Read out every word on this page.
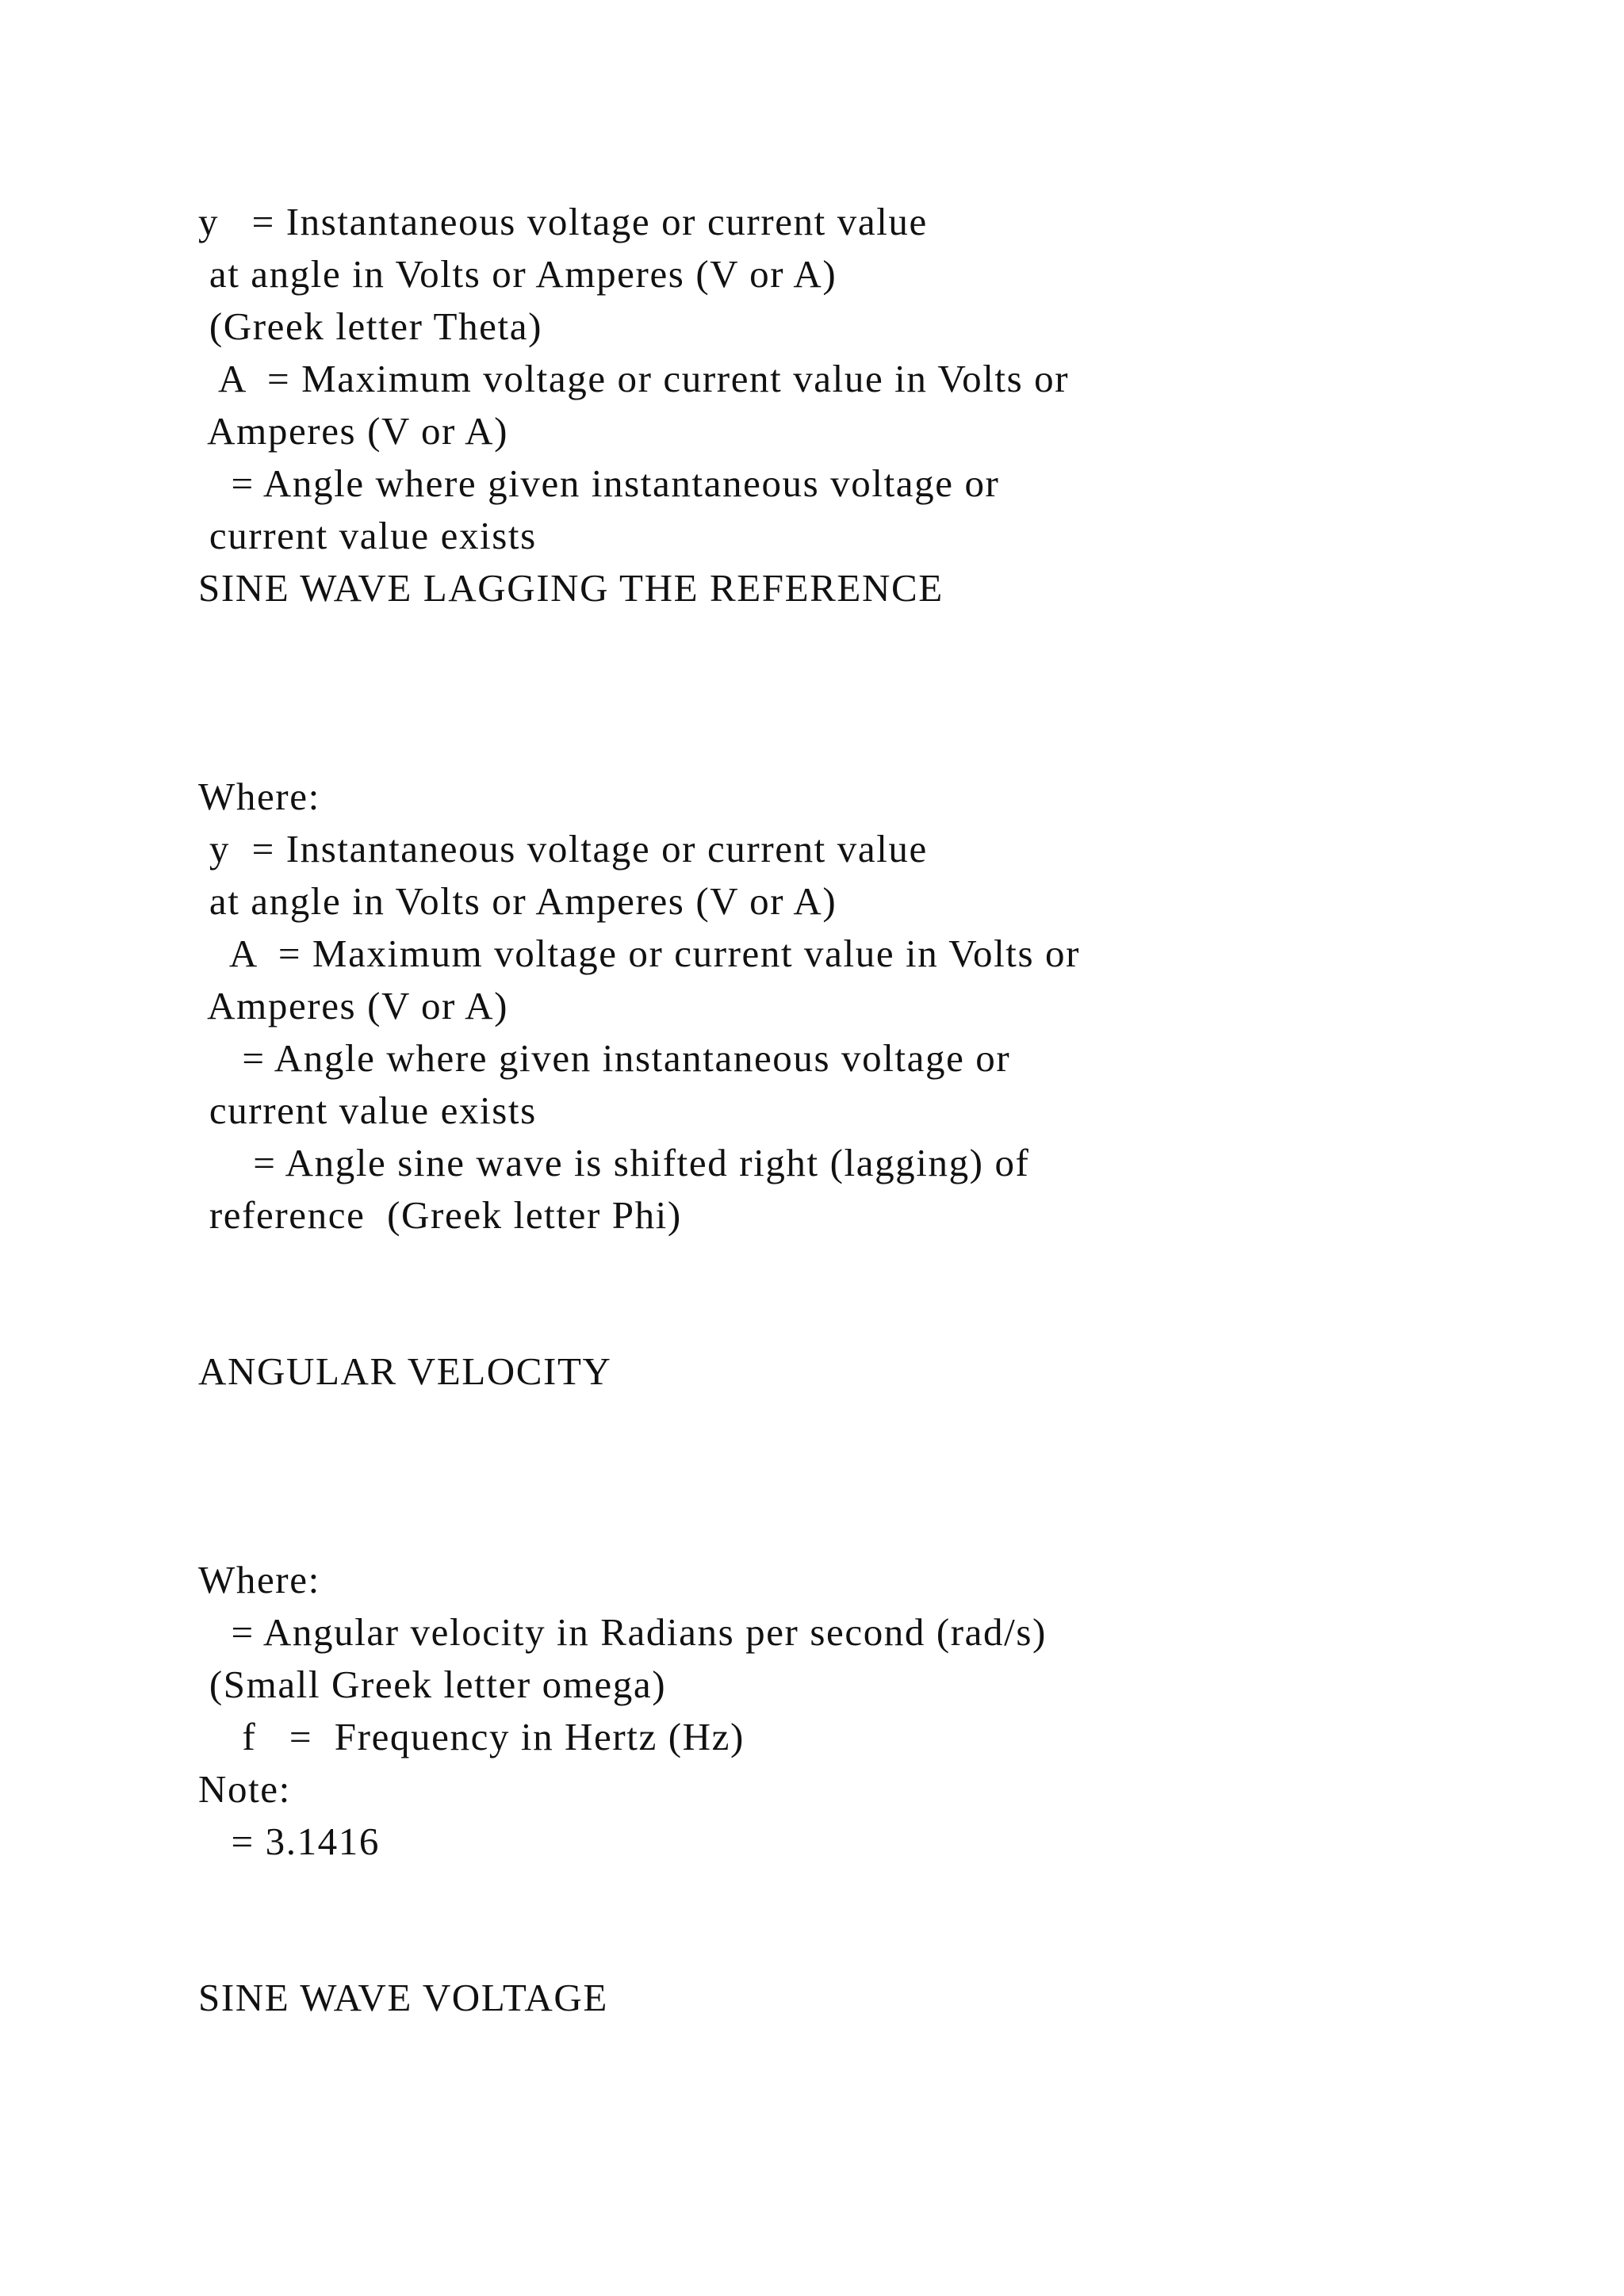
y   = Instantaneous voltage or current value

at angle in Volts or Amperes (V or A)

(Greek letter Theta)

A  = Maximum voltage or current value in Volts or

Amperes (V or A)

= Angle where given instantaneous voltage or

current value exists

SINE WAVE LAGGING THE REFERENCE

Where:

y  = Instantaneous voltage or current value

at angle in Volts or Amperes (V or A)

A  = Maximum voltage or current value in Volts or

Amperes (V or A)

= Angle where given instantaneous voltage or

current value exists

= Angle sine wave is shifted right (lagging) of

reference  (Greek letter Phi)

ANGULAR VELOCITY

Where:

= Angular velocity in Radians per second (rad/s)

(Small Greek letter omega)

f   =  Frequency in Hertz (Hz)

Note:

= 3.1416

SINE WAVE VOLTAGE
